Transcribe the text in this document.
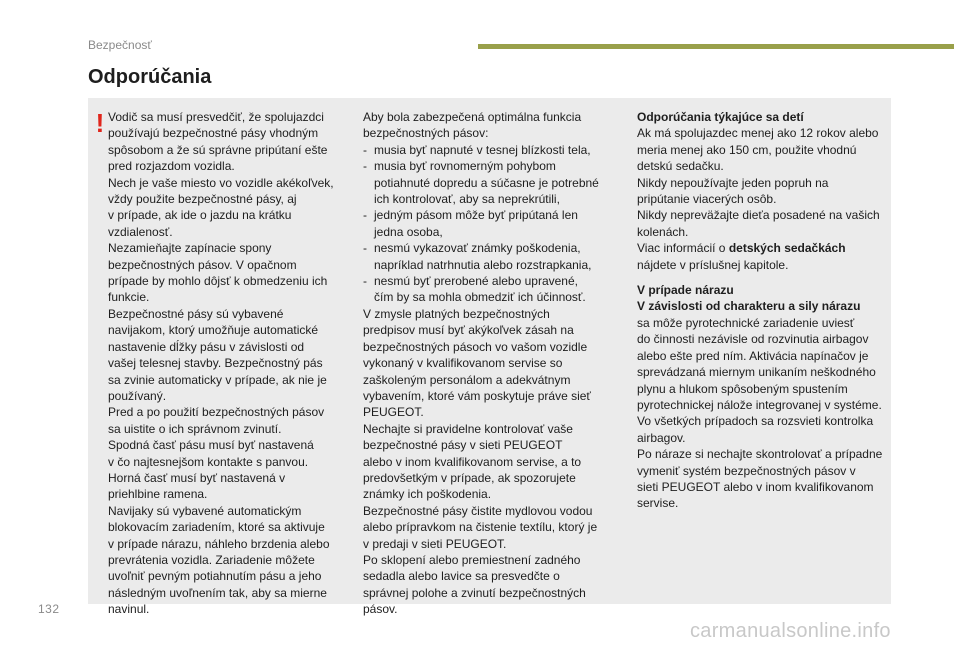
Bezpečnosť
Odporúčania
! Vodič sa musí presvedčiť, že spolujazdci

používajú bezpečnostné pásy vhodným

spôsobom a že sú správne pripútaní ešte

pred rozjazdom vozidla.

Nech je vaše miesto vo vozidle akékoľvek,

vždy použite bezpečnostné pásy, aj

v prípade, ak ide o jazdu na krátku

vzdialenosť.

Nezamieňajte zapínacie spony

bezpečnostných pásov. V opačnom

prípade by mohlo dôjsť k obmedzeniu ich

funkcie.

Bezpečnostné pásy sú vybavené

navijakom, ktorý umožňuje automatické

nastavenie dĺžky pásu v závislosti od

vašej telesnej stavby. Bezpečnostný pás

sa zvinie automaticky v prípade, ak nie je

používaný.

Pred a po použití bezpečnostných pásov

sa uistite o ich správnom zvinutí.

Spodná časť pásu musí byť nastavená

v čo najtesnejšom kontakte s panvou.

Horná časť musí byť nastavená v

priehlbine ramena.

Navijaky sú vybavené automatickým

blokovacím zariadením, ktoré sa aktivuje

v prípade nárazu, náhleho brzdenia alebo

prevrátenia vozidla. Zariadenie môžete

uvoľniť pevným potiahnutím pásu a jeho

následným uvoľnením tak, aby sa mierne

navinul.

Aby bola zabezpečená optimálna funkcia

bezpečnostných pásov:

- musia byť napnuté v tesnej blízkosti tela,
- musia byť rovnomerným pohybom
potiahnuté dopredu a súčasne je potrebné
ich kontrolovať, aby sa neprekrútili,
- jedným pásom môže byť pripútaná len
jedna osoba,
- nesmú vykazovať známky poškodenia,
napríklad natrhnutia alebo rozstrapkania,
- nesmú byť prerobené alebo upravené,
čím by sa mohla obmedziť ich účinnosť.

V zmysle platných bezpečnostných

predpisov musí byť akýkoľvek zásah na

bezpečnostných pásoch vo vašom vozidle

vykonaný v kvalifikovanom servise so

zaškoleným personálom a adekvátnym

vybavením, ktoré vám poskytuje práve sieť

PEUGEOT.

Nechajte si pravidelne kontrolovať vaše

bezpečnostné pásy v sieti PEUGEOT

alebo v inom kvalifikovanom servise, a to

predovšetkým v prípade, ak spozorujete

známky ich poškodenia.

Bezpečnostné pásy čistite mydlovou vodou

alebo prípravkom na čistenie textílu, ktorý je

v predaji v sieti PEUGEOT.

Po sklopení alebo premiestnení zadného

sedadla alebo lavice sa presvedčte o

správnej polohe a zvinutí bezpečnostných

pásov.

Odporúčania týkajúce sa detí

Ak má spolujazdec menej ako 12 rokov alebo

meria menej ako 150 cm, použite vhodnú

detskú sedačku.

Nikdy nepoužívajte jeden popruh na

pripútanie viacerých osôb.

Nikdy nepreväžajte dieťa posadené na vašich

kolenách.

Viac informácií o detských sedačkách

nájdete v príslušnej kapitole.

V prípade nárazu

V závislosti od charakteru a sily nárazu

sa môže pyrotechnické zariadenie uviesť

do činnosti nezávisle od rozvinutia airbagov

alebo ešte pred ním. Aktivácia napínačov je

sprevádzaná miernym unikaním neškodného

plynu a hlukom spôsobeným spustením

pyrotechnickej nálože integrovanej v systéme.

Vo všetkých prípadoch sa rozsvieti kontrolka

airbagov.

Po náraze si nechajte skontrolovať a prípadne

vymeniť systém bezpečnostných pásov v

sieti PEUGEOT alebo v inom kvalifikovanom

servise.

132
carmanualsonline.info
